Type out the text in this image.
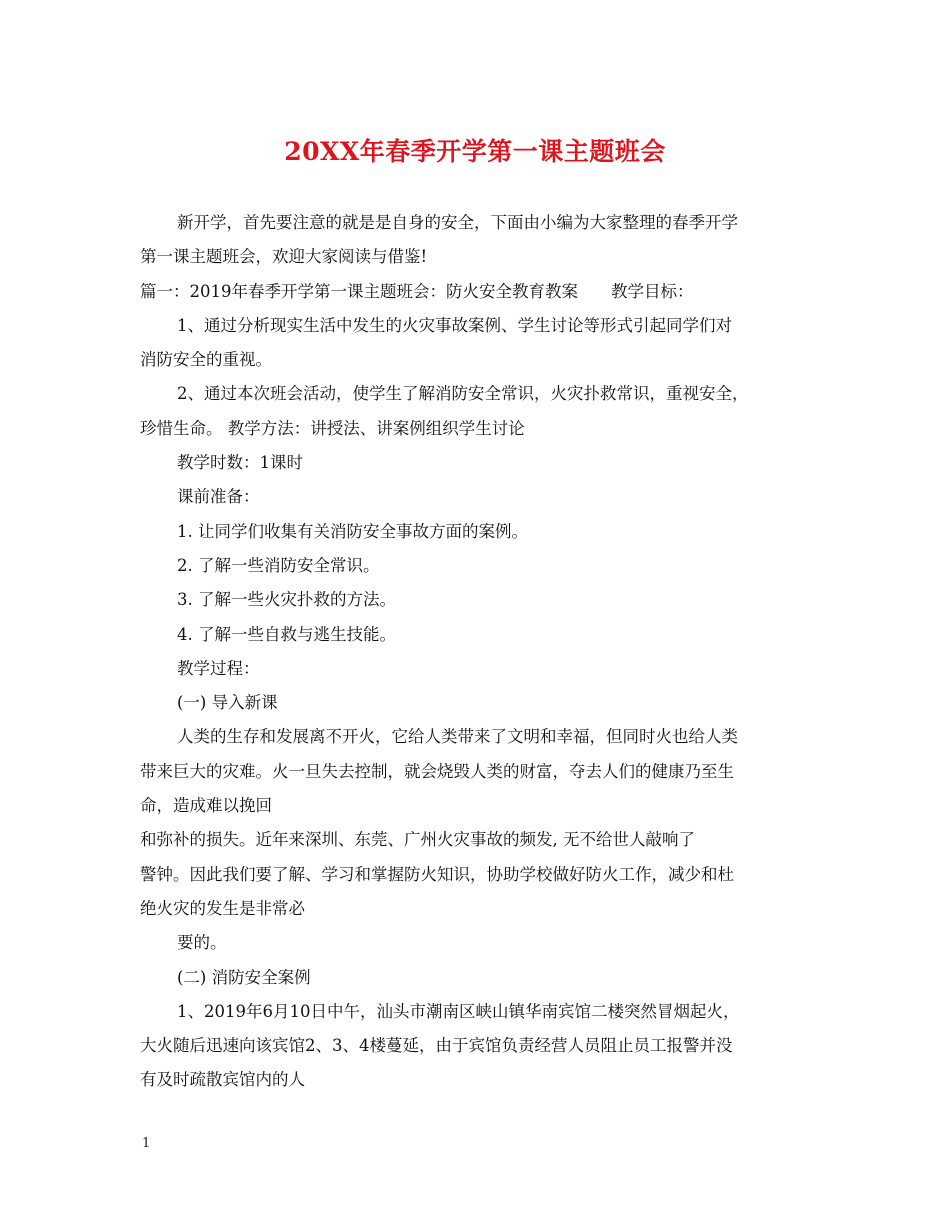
20XX年春季开学第一课主题班会
新开学，首先要注意的就是是自身的安全，下面由小编为大家整理的春季开学
第一课主题班会，欢迎大家阅读与借鉴!
篇一：2019年春季开学第一课主题班会：防火安全教育教案　　教学目标：
1、通过分析现实生活中发生的火灾事故案例、学生讨论等形式引起同学们对
消防安全的重视。
2、通过本次班会活动，使学生了解消防安全常识，火灾扑救常识，重视安全，
珍惜生命。 教学方法：讲授法、讲案例组织学生讨论
教学时数：1课时
课前准备：
1. 让同学们收集有关消防安全事故方面的案例。
2. 了解一些消防安全常识。
3. 了解一些火灾扑救的方法。
4. 了解一些自救与逃生技能。
教学过程：
(一) 导入新课
人类的生存和发展离不开火，它给人类带来了文明和幸福，但同时火也给人类
带来巨大的灾难。火一旦失去控制，就会烧毁人类的财富，夺去人们的健康乃至生
命，造成难以挽回
和弥补的损失。近年来深圳、东莞、广州火灾事故的频发, 无不给世人敲响了
警钟。因此我们要了解、学习和掌握防火知识，协助学校做好防火工作，减少和杜
绝火灾的发生是非常必
要的。
(二) 消防安全案例
1、2019年6月10日中午，汕头市潮南区峡山镇华南宾馆二楼突然冒烟起火，
大火随后迅速向该宾馆2、3、4楼蔓延，由于宾馆负责经营人员阻止员工报警并没
有及时疏散宾馆内的人
1
